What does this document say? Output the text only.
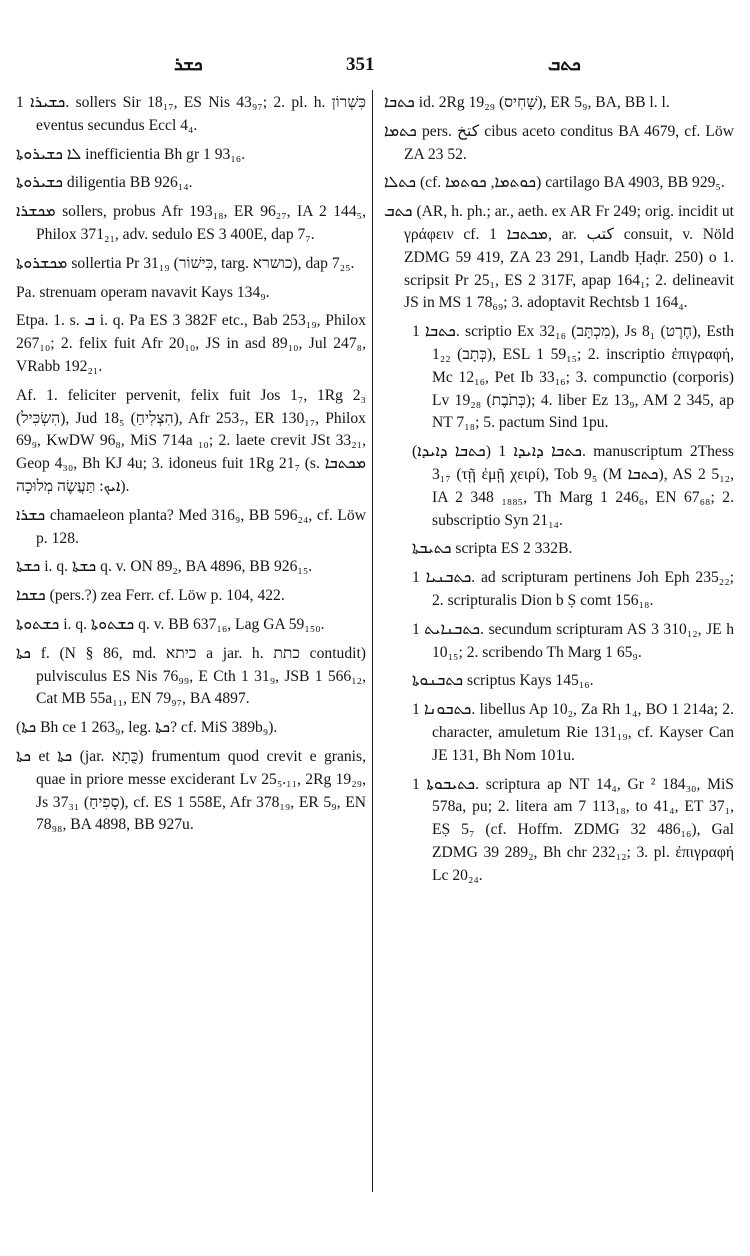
ܟܫܪ	351	ܟܬܒ

ܟܫܝܪܐ 1. sollers Sir 18₁₇, ES Nis 43₉₇; 2. pl. h. כִּשְׁרוֹן eventus secundus Eccl 4₄.

ܠܐ ܟܫܝܪܘܬܐ inefficientia Bh gr 1 93₁₆.

ܟܫܝܪܘܬܐ diligentia BB 926₁₄.

ܡܟܫܪܐ sollers, probus Afr 193₁₈, ER 96₂₇, IA 2 144₅, Philox 371₂₁, adv. sedulo ES 3 400E, dap 7₇.

ܡܟܫܪܘܬܐ sollertia Pr 31₁₉ (כִּישׁוֹר, targ. כושרא), dap 7₂₅.

Pa. strenuam operam navavit Kays 134₉.

Etpa. 1. s. ܒ i. q. Pa ES 3 382F etc., Bab 253₁₉, Philox 267₁₀; 2. felix fuit Afr 20₁₀, JS in asd 89₁₀, Jul 247₈, VRabb 192₂₁.

Af. 1. feliciter pervenit, felix fuit Jos 1₇, 1Rg 2₃ (הִשְׂכִּיל), Jud 18₅ (הִצְלִיחַ), Afr 253₇, ER 130₁₇, Philox 69₉, KwDW 96₈, MiS 714a ₁₀; 2. laete crevit JSt 33₂₁, Geop 4₃₀, Bh KJ 4u; 3. idoneus fuit 1Rg 21₇ (s. ܡܟܬܒܐ ܐܝܟ: תַּעֲשֶׂה מְלוּכָה).

ܟܫܪܐ chamaeleon planta? Med 316₉, BB 596₂₄, cf. Löw p. 128.

ܟܫܬܐ i. q. ܟܫܬܐ q. v. ON 89₂, BA 4896, BB 926₁₅.

ܟܫܟܐ (pers.?) zea Ferr. cf. Löw p. 104, 422.

ܟܫܬܘܬܐ i. q. ܟܫܬܘܬܐ q. v. BB 637₁₆, Lag GA 59₁₅₀.

ܟܬܐ f. (N § 86, md. כיתא a jar. h. כתת contudit) pulvisculus ES Nis 76₉₉, E Cth 1 31₉, JSB 1 566₁₂, Cat MB 55a₁₁, EN 79₉₇, BA 4897.

(ܟܬܐ Bh ce 1 263₉, leg. ܟܬܐ? cf. MiS 389b₉).

ܟܬܐ et ܟܬܐ (jar. כֻּתָא) frumentum quod crevit e granis, quae in priore messe exciderant Lv 25₅.₁₁, 2Rg 19₂₉, Js 37₃₁ (סָפִיחַ), cf. ES 1 558E, Afr 378₁₉, ER 5₉, EN 78₉₈, BA 4898, BB 927u.

ܟܬܒܐ id. 2Rg 19₂₉ (שָׁחִיס), ER 5₉, BA, BB l. l.

ܟܬܡܐ pers. کتخ cibus aceto conditus BA 4679, cf. Löw ZA 23 52.

ܟܬܠܐ (cf. ܟܘܬܡܐ, ܟܘܬܡܐ) cartilago BA 4903, BB 929₅.

ܟܬܒ (AR, h. ph.; ar., aeth. ex AR Fr 249; orig. incidit ut γράφειν cf. ܡܟܬܒܐ 1, ar. كتب consuit, v. Nöld ZDMG 59 419, ZA 23 291, Landb Ḥaḍr. 250) o 1. scripsit Pr 25₁, ES 2 317F, apap 164₁; 2. delineavit JS in MS 1 78₆₉; 3. adoptavit Rechtsb 1 164₄.

ܟܬܒܐ 1. scriptio Ex 32₁₆ (מִכְתָּב), Js 8₁ (חֶרֶט), Esth 1₂₂ (כְּתָב), ESL 1 59₁₅; 2. inscriptio ἐπιγραφή, Mc 12₁₆, Pet Ib 33₁₆; 3. compunctio (corporis) Lv 19₂₈ (כְּתֹבֶת); 4. liber Ez 13₉, AM 2 345, ap NT 7₁₈; 5. pactum Sind 1pu.

(ܟܬܒܐ ܕܐܝܕܐ) ܟܬܒܐ ܕܐܝܕܐ 1. manuscriptum 2Thess 3₁₇ (τῇ ἐμῇ χειρί), Tob 9₅ (M ܟܬܒܐ), AS 2 5₁₂, IA 2 348 ₁₈₈₅, Th Marg 1 246₆, EN 67₆₈; 2. subscriptio Syn 21₁₄.

ܟܬܝܒܬܐ scripta ES 2 332B.

ܟܬܒܢܝܐ 1. ad scripturam pertinens Joh Eph 235₂₂; 2. scripturalis Dion b Ṣ comt 156₁₈.

ܟܬܒܢܐܝܬ 1. secundum scripturam AS 3 310₁₂, JE h 10₁₅; 2. scribendo Th Marg 1 65₉.

ܟܬܒܢܘܬܐ scriptus Kays 145₁₆.

ܟܬܒܘܢܐ 1. libellus Ap 10₂, Za Rh 1₄, BO 1 214a; 2. character, amuletum Rie 131₁₉, cf. Kayser Can JE 131, Bh Nom 101u.

ܟܬܝܒܘܬܐ 1. scriptura ap NT 14₄, Gr ² 184₃₀, MiS 578a, pu; 2. litera am 7 113₁₈, to 41₄, ET 37₁, EṢ 5₇ (cf. Hoffm. ZDMG 32 486₁₆), Gal ZDMG 39 289₂, Bh chr 232₁₂; 3. pl. ἐπιγραφή Lc 20₂₄.
